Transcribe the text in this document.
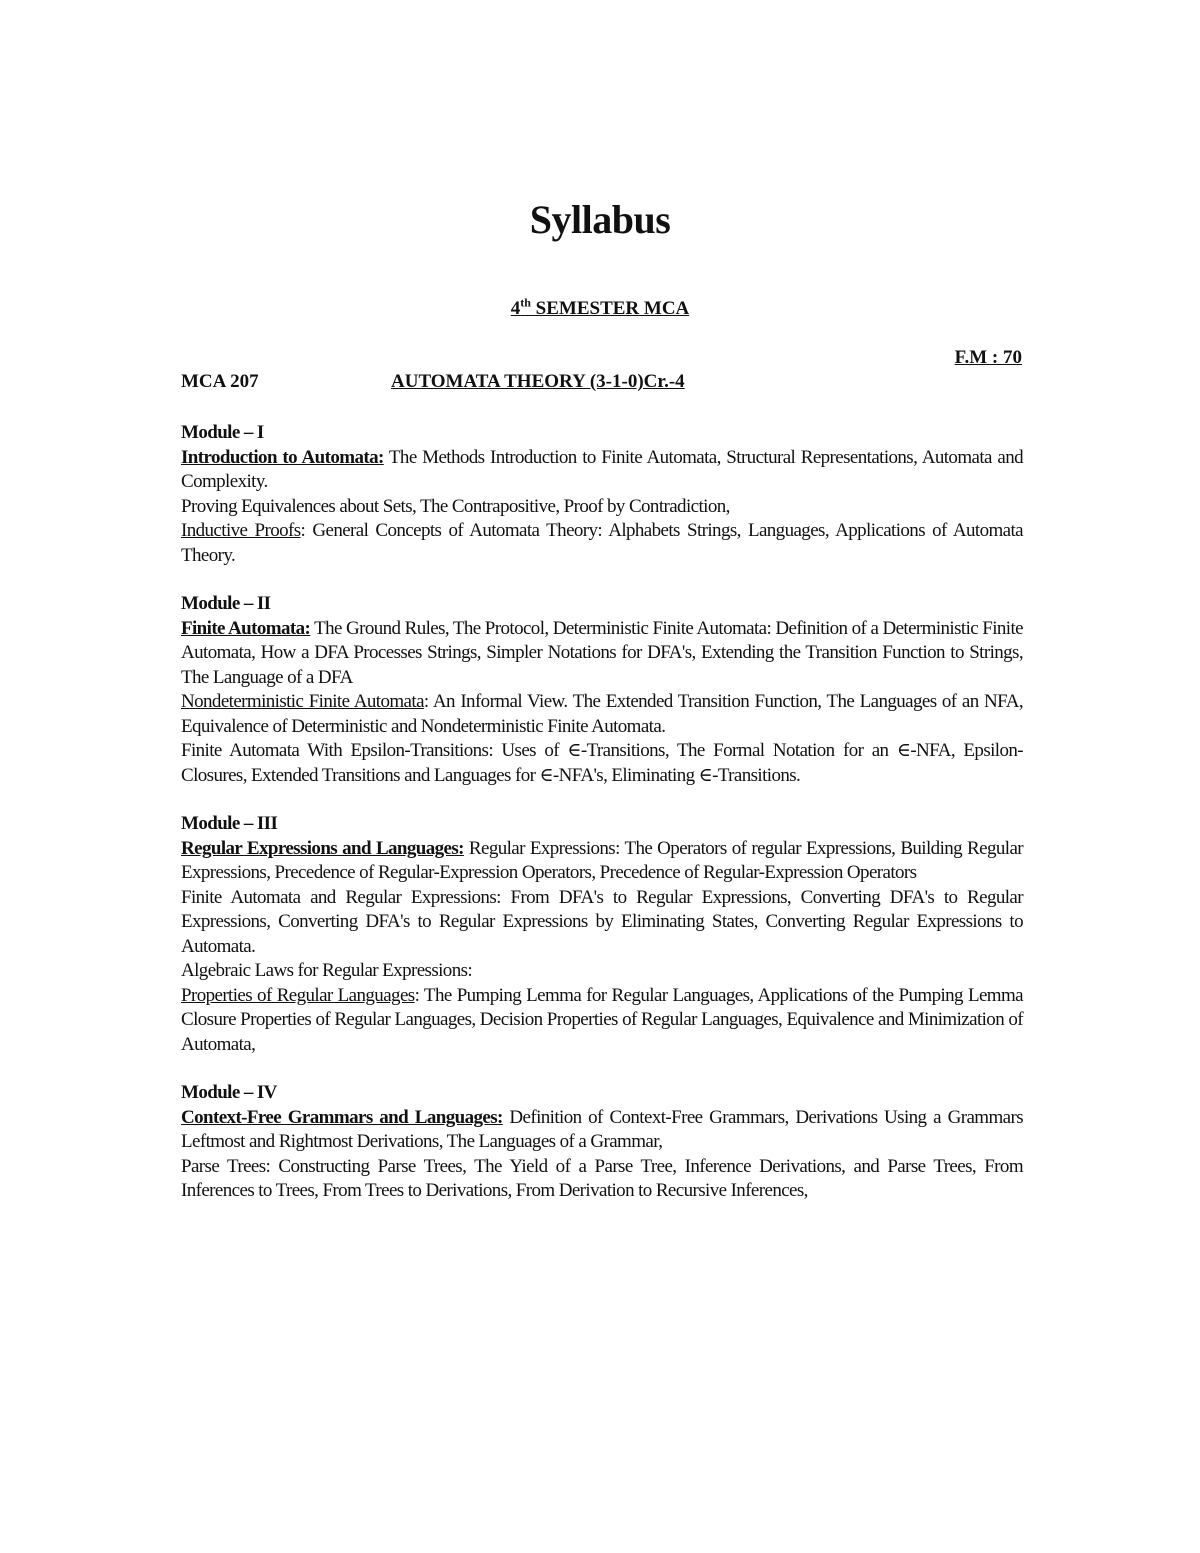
Syllabus
4th SEMESTER MCA
F.M : 70
MCA 207	AUTOMATA THEORY (3-1-0)Cr.-4
Module – I
Introduction to Automata: The Methods Introduction to Finite Automata, Structural Representations, Automata and Complexity.
Proving Equivalences about Sets, The Contrapositive, Proof by Contradiction,
Inductive Proofs: General Concepts of Automata Theory: Alphabets Strings, Languages, Applications of Automata Theory.
Module – II
Finite Automata: The Ground Rules, The Protocol, Deterministic Finite Automata: Definition of a Deterministic Finite Automata, How a DFA Processes Strings, Simpler Notations for DFA's, Extending the Transition Function to Strings, The Language of a DFA
Nondeterministic Finite Automata: An Informal View. The Extended Transition Function, The Languages of an NFA, Equivalence of Deterministic and Nondeterministic Finite Automata.
Finite Automata With Epsilon-Transitions: Uses of ∈-Transitions, The Formal Notation for an ∈-NFA, Epsilon-Closures, Extended Transitions and Languages for ∈-NFA's, Eliminating ∈-Transitions.
Module – III
Regular Expressions and Languages: Regular Expressions: The Operators of regular Expressions, Building Regular Expressions, Precedence of Regular-Expression Operators, Precedence of Regular-Expression Operators
Finite Automata and Regular Expressions: From DFA's to Regular Expressions, Converting DFA's to Regular Expressions, Converting DFA's to Regular Expressions by Eliminating States, Converting Regular Expressions to Automata.
Algebraic Laws for Regular Expressions:
Properties of Regular Languages: The Pumping Lemma for Regular Languages, Applications of the Pumping Lemma Closure Properties of Regular Languages, Decision Properties of Regular Languages, Equivalence and Minimization of Automata,
Module – IV
Context-Free Grammars and Languages: Definition of Context-Free Grammars, Derivations Using a Grammars Leftmost and Rightmost Derivations, The Languages of a Grammar,
Parse Trees: Constructing Parse Trees, The Yield of a Parse Tree, Inference Derivations, and Parse Trees, From Inferences to Trees, From Trees to Derivations, From Derivation to Recursive Inferences,
